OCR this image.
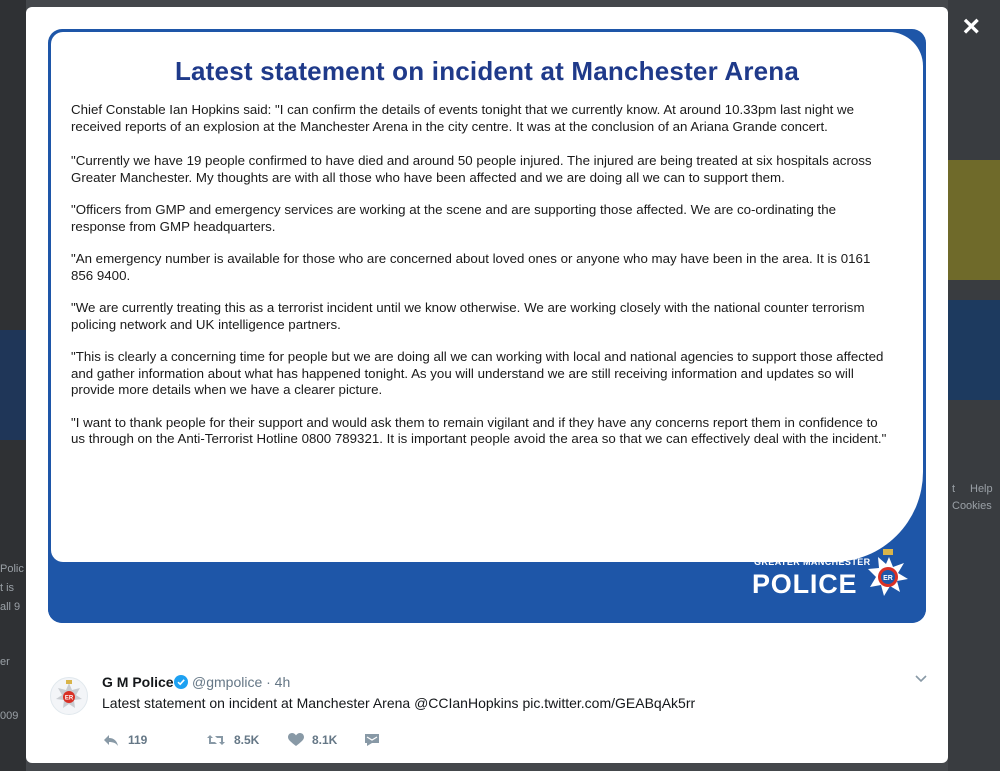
Polic
t is
all 9
er
009
t Help
Cookies
×
Latest statement on incident at Manchester Arena

Chief Constable Ian Hopkins said: "I can confirm the details of events tonight that we currently know. At around 10.33pm last night we received reports of an explosion at the Manchester Arena in the city centre. It was at the conclusion of an Ariana Grande concert.

"Currently we have 19 people confirmed to have died and around 50 people injured. The injured are being treated at six hospitals across Greater Manchester. My thoughts are with all those who have been affected and we are doing all we can to support them.

"Officers from GMP and emergency services are working at the scene and are supporting those affected. We are co-ordinating the response from GMP headquarters.

"An emergency number is available for those who are concerned about loved ones or anyone who may have been in the area. It is 0161 856 9400.

"We are currently treating this as a terrorist incident until we know otherwise. We are working closely with the national counter terrorism policing network and UK intelligence partners.

"This is clearly a concerning time for people but we are doing all we can working with local and national agencies to support those affected and gather information about what has happened tonight. As you will understand we are still receiving information and updates so will provide more details when we have a clearer picture.

"I want to thank people for their support and would ask them to remain vigilant and if they have any concerns report them in confidence to us through on the Anti-Terrorist Hotline 0800 789321. It is important people avoid the area so that we can effectively deal with the incident."

GREATER MANCHESTER
POLICE	ER
ER
G M Police @gmpolice · 4h
Latest statement on incident at Manchester Arena @CCIanHopkins pic.twitter.com/GEABqAk5rr
119	8.5K	8.1K
